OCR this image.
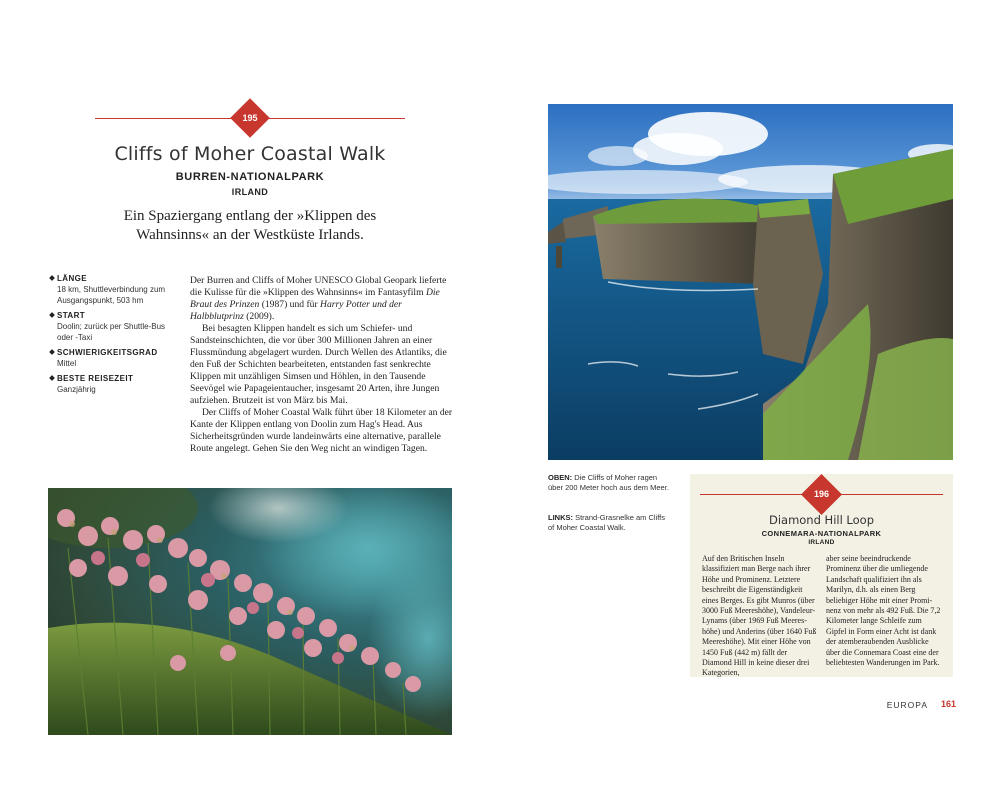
195
Cliffs of Moher Coastal Walk
BURREN-NATIONALPARK
IRLAND
Ein Spaziergang entlang der »Klippen des Wahnsinns« an der Westküste Irlands.
LÄNGE
18 km, Shuttleverbindung zum Ausgangspunkt, 503 hm
START
Doolin; zurück per Shuttle-Bus oder -Taxi
SCHWIERIGKEITSGRAD
Mittel
BESTE REISEZEIT
Ganzjährig

Der Burren and Cliffs of Moher UNESCO Global Geopark lieferte die Kulisse für die »Klippen des Wahnsinns« im Fantasyfilm Die Braut des Prinzen (1987) und für Harry Potter und der Halbblutprinz (2009).

Bei besagten Klippen handelt es sich um Schiefer- und Sandsteinschichten, die vor über 300 Millionen Jahren an einer Flussmündung abgelagert wurden. Durch Wellen des Atlantiks, die den Fuß der Schichten bearbeiteten, entstanden fast senkrechte Klippen mit unzähligen Simsen und Höhlen, in den Tausende Seevögel wie Papageientaucher, insgesamt 20 Arten, ihre Jungen aufziehen. Brutzeit ist von März bis Mai.

Der Cliffs of Moher Coastal Walk führt über 18 Kilometer an der Kante der Klippen entlang von Doolin zum Hag's Head. Aus Sicherheitsgründen wurde landeinwärts eine alternative, parallele Route angelegt. Gehen Sie den Weg nicht an windigen Tagen.

OBEN: Die Cliffs of Moher ragen über 200 Meter hoch aus dem Meer.
LINKS: Strand-Grasnelke am Cliffs of Moher Coastal Walk.
196
Diamond Hill Loop
CONNEMARA-NATIONALPARK
IRLAND
Auf den Britischen Inseln klassifiziert man Berge nach ihrer Höhe und Prominenz. Letztere beschreibt die Eigenständigkeit eines Berges. Es gibt Munros (über 3000 Fuß Meereshöhe), Vandeleur-Lynams (über 1969 Fuß Meereshöhe) und Anderins (über 1640 Fuß Meereshöhe). Mit einer Höhe von 1450 Fuß (442 m) fällt der Diamond Hill in keine dieser drei Kategorien,
aber seine beeindruckende Prominenz über die umliegende Landschaft qualifiziert ihn als Marilyn, d.h. als einen Berg beliebiger Höhe mit einer Prominenz von mehr als 492 Fuß. Die 7,2 Kilometer lange Schleife zum Gipfel in Form einer Acht ist dank der atemberaubenden Ausblicke über die Connemara Coast eine der beliebtesten Wanderungen im Park.
EUROPA	161
